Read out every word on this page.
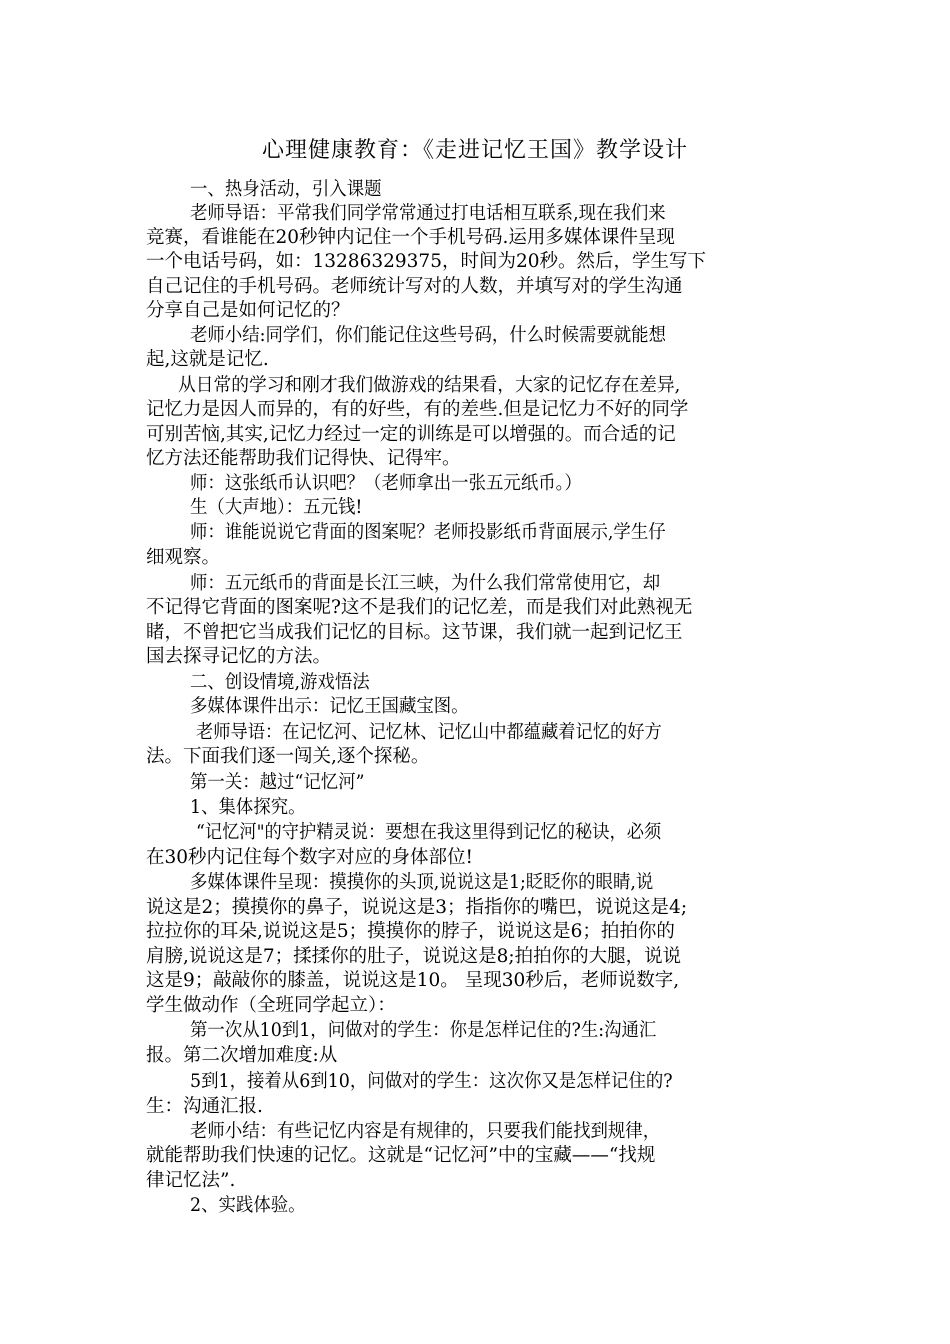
心理健康教育：《走进记忆王国》教学设计
一、热身活动，引入课题
老师导语：平常我们同学常常通过打电话相互联系,现在我们来
竞赛，看谁能在20秒钟内记住一个手机号码.运用多媒体课件呈现
一个电话号码，如：13286329375，时间为20秒。然后，学生写下
自己记住的手机号码。老师统计写对的人数，并填写对的学生沟通
分享自己是如何记忆的？
老师小结:同学们，你们能记住这些号码，什么时候需要就能想
起,这就是记忆.
从日常的学习和刚才我们做游戏的结果看，大家的记忆存在差异,
记忆力是因人而异的，有的好些，有的差些.但是记忆力不好的同学
可别苦恼,其实,记忆力经过一定的训练是可以增强的。而合适的记
忆方法还能帮助我们记得快、记得牢。
师：这张纸币认识吧？（老师拿出一张五元纸币。）
生（大声地）：五元钱!
师：谁能说说它背面的图案呢？老师投影纸币背面展示,学生仔
细观察。
师：五元纸币的背面是长江三峡，为什么我们常常使用它，却
不记得它背面的图案呢?这不是我们的记忆差，而是我们对此熟视无
睹，不曾把它当成我们记忆的目标。这节课，我们就一起到记忆王
国去探寻记忆的方法。
二、创设情境,游戏悟法
多媒体课件出示：记忆王国藏宝图。
老师导语：在记忆河、记忆林、记忆山中都蕴藏着记忆的好方
法。下面我们逐一闯关,逐个探秘。
第一关：越过“记忆河”
1、集体探究。
“记忆河"的守护精灵说：要想在我这里得到记忆的秘诀，必须
在30秒内记住每个数字对应的身体部位!
多媒体课件呈现：摸摸你的头顶,说说这是1;眨眨你的眼睛,说
说这是2；摸摸你的鼻子，说说这是3；指指你的嘴巴，说说这是4;
拉拉你的耳朵,说说这是5；摸摸你的脖子，说说这是6；拍拍你的
肩膀,说说这是7；揉揉你的肚子，说说这是8;拍拍你的大腿，说说
这是9；敲敲你的膝盖，说说这是10。 呈现30秒后，老师说数字,
学生做动作（全班同学起立）：
第一次从10到1，问做对的学生：你是怎样记住的?生:沟通汇
报。第二次增加难度:从
5到1，接着从6到10，问做对的学生：这次你又是怎样记住的?
生：沟通汇报.
老师小结：有些记忆内容是有规律的，只要我们能找到规律，
就能帮助我们快速的记忆。这就是“记忆河”中的宝藏——“找规
律记忆法”.
2、实践体验。
